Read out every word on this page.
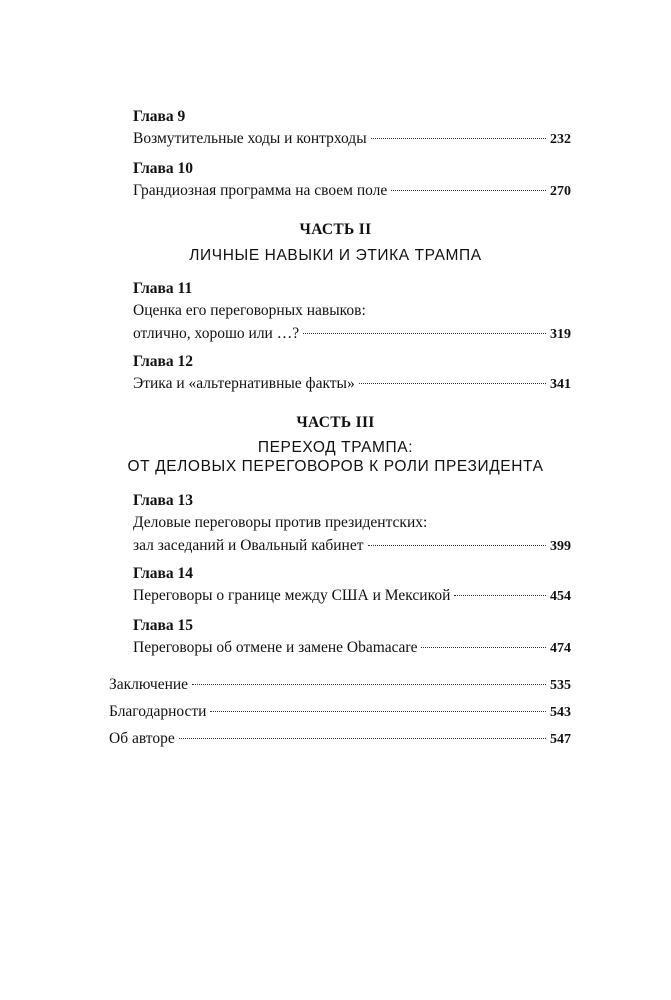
Глава 9
Возмутительные ходы и контрходы	232
Глава 10
Грандиозная программа на своем поле	270
ЧАСТЬ II
ЛИЧНЫЕ НАВЫКИ И ЭТИКА ТРАМПА
Глава 11
Оценка его переговорных навыков:
отлично, хорошо или …?	319
Глава 12
Этика и «альтернативные факты»	341
ЧАСТЬ III
ПЕРЕХОД ТРАМПА:
ОТ ДЕЛОВЫХ ПЕРЕГОВОРОВ К РОЛИ ПРЕЗИДЕНТА
Глава 13
Деловые переговоры против президентских:
зал заседаний и Овальный кабинет	399
Глава 14
Переговоры о границе между США и Мексикой	454
Глава 15
Переговоры об отмене и замене Obamacare	474
Заключение	535
Благодарности	543
Об авторе	547
